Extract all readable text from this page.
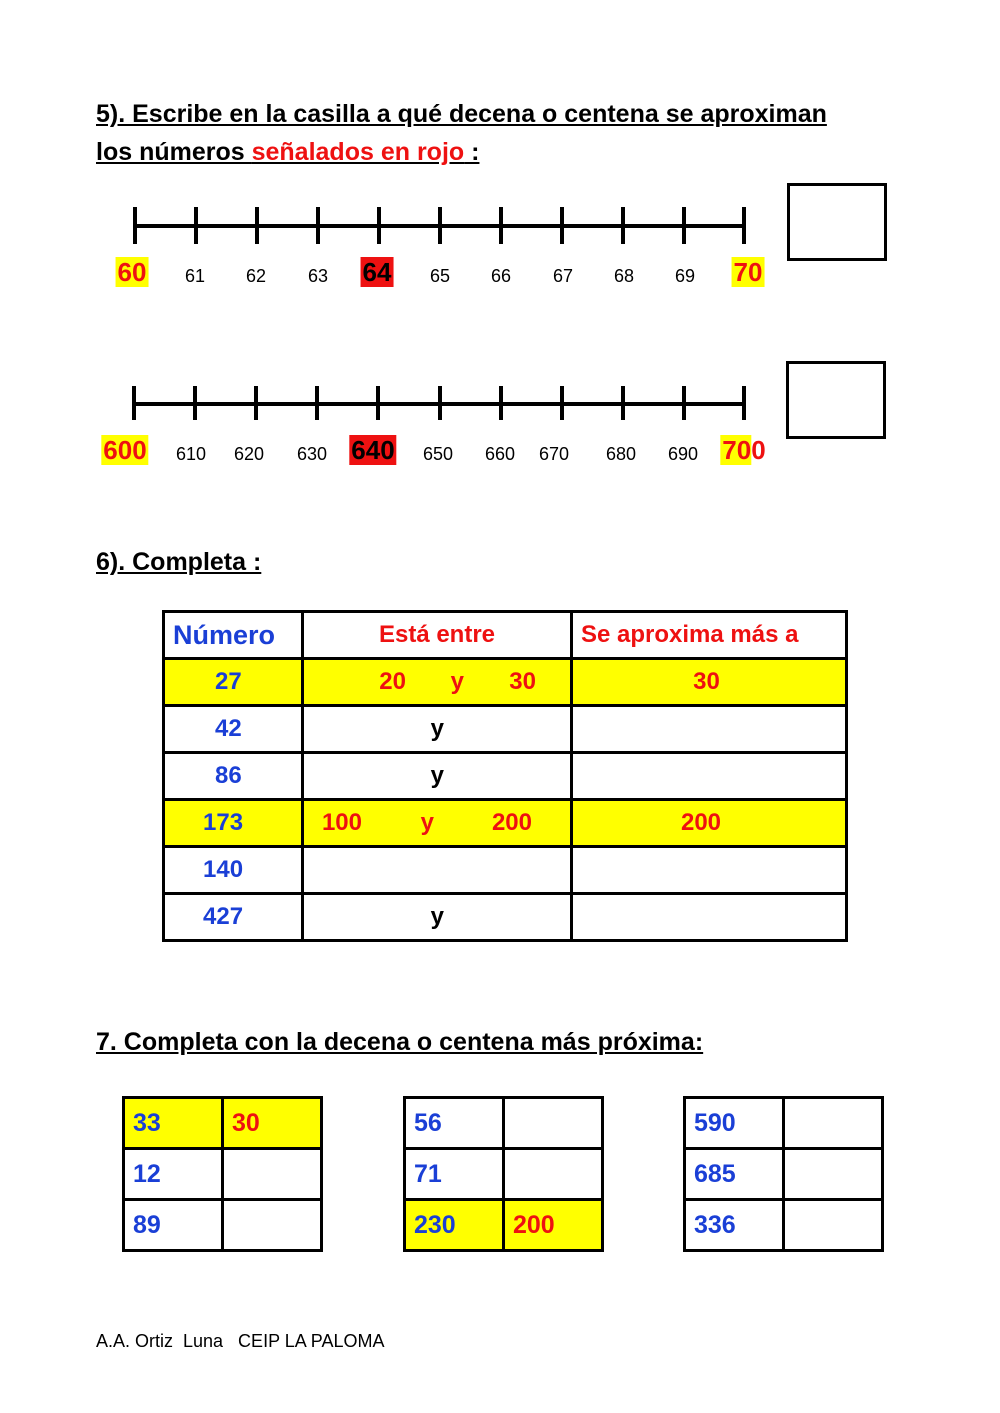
5). Escribe en la casilla a qué decena o centena se aproximan
los números señalados en rojo :
60 61 62 63 64 65 66 67 68 69 70
600 610 620 630 640 650 660 670 680 690 700
6). Completa :
Número	Está entre	Se aproxima más a
27	20 y 30	30
42	y	
86	y	
173	100 y 200	200
140		
427	y	
7. Completa con la decena o centena más próxima:
33	30
12	
89	
56	
71	
230	200
590	
685	
336	
A.A. Ortiz  Luna   CEIP LA PALOMA
